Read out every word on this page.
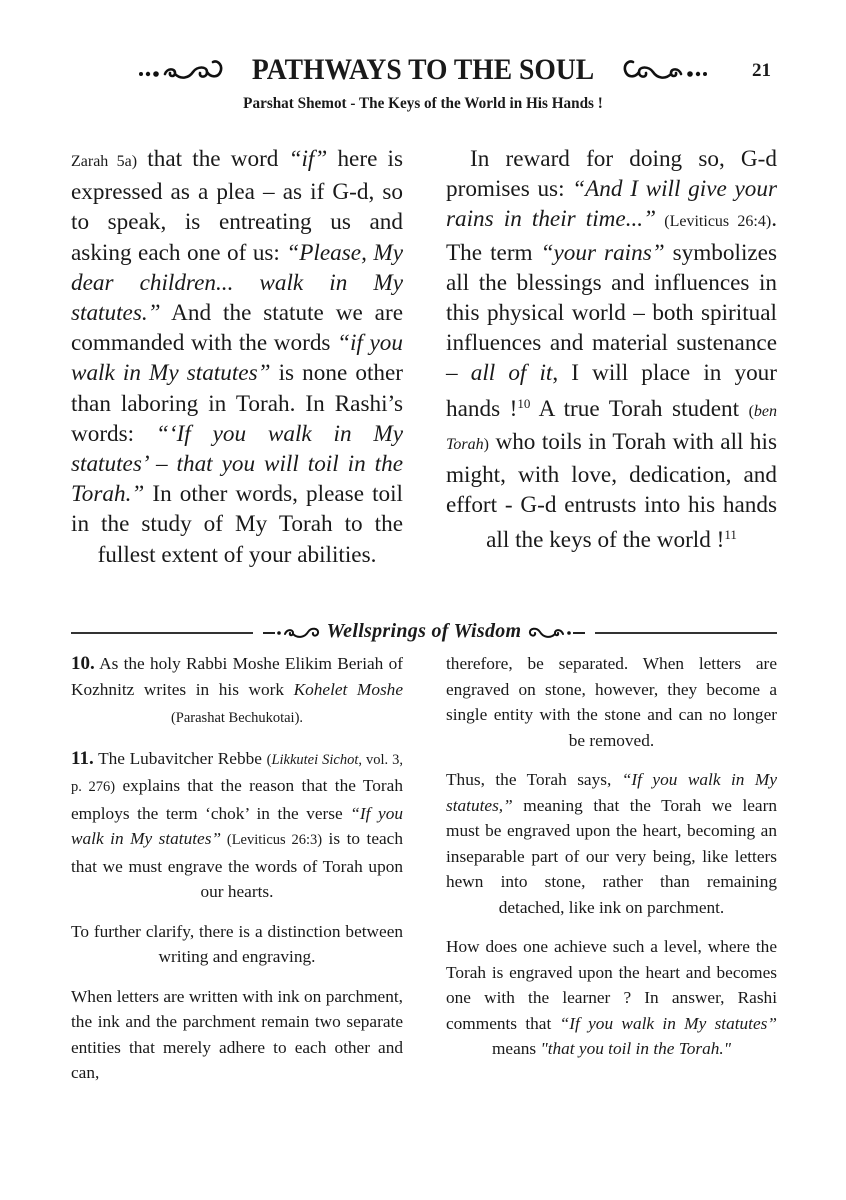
PATHWAYS TO THE SOUL	21
Parshat Shemot - The Keys of the World in His Hands !

Zarah 5a) that the word “if” here is expressed as a plea – as if G-d, so to speak, is entreating us and asking each one of us: “Please, My dear children... walk in My statutes.” And the statute we are commanded with the words “if you walk in My statutes” is none other than laboring in Torah. In Rashi’s words: “‘If you walk in My statutes’ – that you will toil in the Torah.” In other words, please toil in the study of My Torah to the fullest extent of your abilities.

In reward for doing so, G-d promises us: “And I will give your rains in their time...” (Leviticus 26:4). The term “your rains” symbolizes all the blessings and influences in this physical world – both spiritual influences and material sustenance – all of it, I will place in your hands !$^{10}$ A true Torah student (ben Torah) who toils in Torah with all his might, with love, dedication, and effort - G-d entrusts into his hands all the keys of the world !$^{11}$

Wellsprings of Wisdom

10. As the holy Rabbi Moshe Elikim Beriah of Kozhnitz writes in his work Kohelet Moshe (Parashat Bechukotai).

11. The Lubavitcher Rebbe (Likkutei Sichot, vol. 3, p. 276) explains that the reason that the Torah employs the term ‘chok’ in the verse “If you walk in My statutes” (Leviticus 26:3) is to teach that we must engrave the words of Torah upon our hearts.

To further clarify, there is a distinction between writing and engraving.

When letters are written with ink on parchment, the ink and the parchment remain two separate entities that merely adhere to each other and can,

therefore, be separated. When letters are engraved on stone, however, they become a single entity with the stone and can no longer be removed.

Thus, the Torah says, “If you walk in My statutes,” meaning that the Torah we learn must be engraved upon the heart, becoming an inseparable part of our very being, like letters hewn into stone, rather than remaining detached, like ink on parchment.

How does one achieve such a level, where the Torah is engraved upon the heart and becomes one with the learner ? In answer, Rashi comments that “If you walk in My statutes” means "that you toil in the Torah."
